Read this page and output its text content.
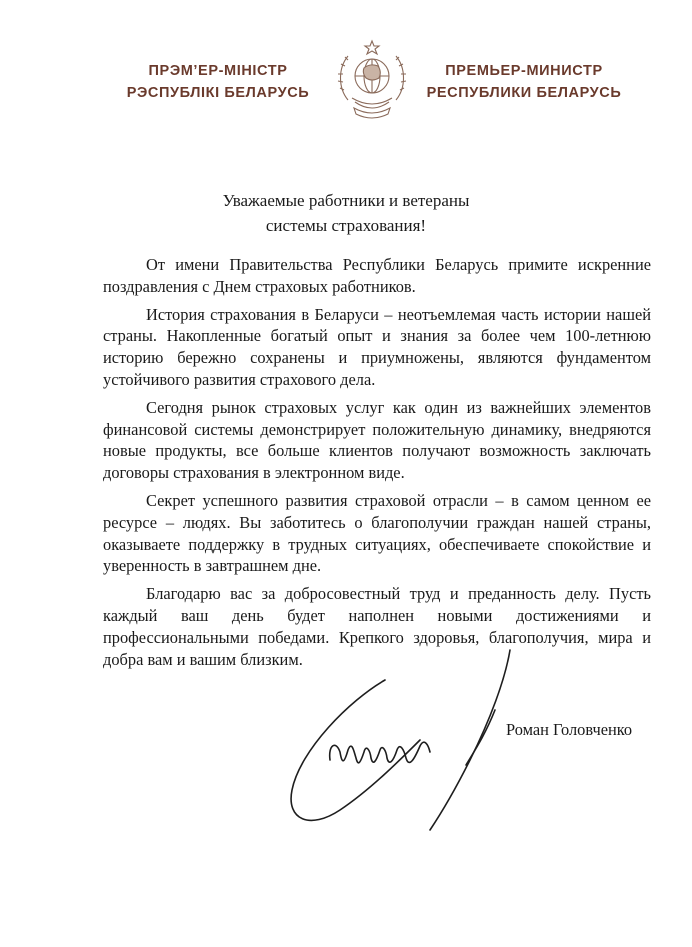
ПРЭМ’ЕР-МІНІСТР
РЭСПУБЛІКІ БЕЛАРУСЬ
ПРЕМЬЕР-МИНИСТР
РЕСПУБЛИКИ БЕЛАРУСЬ
Уважаемые работники и ветераны
системы страхования!

От имени Правительства Республики Беларусь примите искренние поздравления с Днем страховых работников.

История страхования в Беларуси – неотъемлемая часть истории нашей страны. Накопленные богатый опыт и знания за более чем 100-летнюю историю бережно сохранены и приумножены, являются фундаментом устойчивого развития страхового дела.

Сегодня рынок страховых услуг как один из важнейших элементов финансовой системы демонстрирует положительную динамику, внедряются новые продукты, все больше клиентов получают возможность заключать договоры страхования в электронном виде.

Секрет успешного развития страховой отрасли – в самом ценном ее ресурсе – людях. Вы заботитесь о благополучии граждан нашей страны, оказываете поддержку в трудных ситуациях, обеспечиваете спокойствие и уверенность в завтрашнем дне.

Благодарю вас за добросовестный труд и преданность делу. Пусть каждый ваш день будет наполнен новыми достижениями и профессиональными победами. Крепкого здоровья, благополучия, мира и добра вам и вашим близким.

Роман Головченко
